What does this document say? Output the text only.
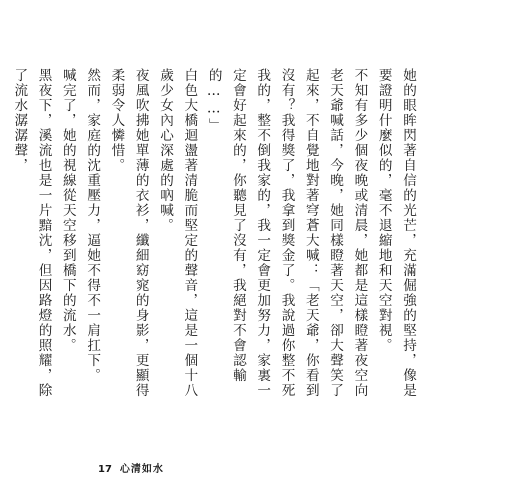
她的眼眸閃著自信的光芒，充滿倔強的堅持，像是要證明什麼似的，毫不退縮地和天空對視。

不知有多少個夜晚或清晨，她都是這樣瞪著夜空向老天爺喊話，今晚，她同樣瞪著天空，卻大聲笑了起來，不自覺地對著穹蒼大喊：「老天爺，你看到沒有？我得獎了，我拿到獎金了。我說過你整不死我的，整不倒我家的，我一定會更加努力，家裏一定會好起來的，你聽見了沒有，我絕對不會認輸的……」

白色大橋迴盪著清脆而堅定的聲音，這是一個十八歲少女內心深處的吶喊。

夜風吹拂她單薄的衣衫，纖細窈窕的身影，更顯得柔弱令人憐惜。

然而，家庭的沈重壓力，逼她不得不一肩扛下。

喊完了，她的視線從天空移到橋下的流水。

黑夜下，溪流也是一片黯沈，但因路燈的照耀，除了流水潺潺聲，

17 心清如水
